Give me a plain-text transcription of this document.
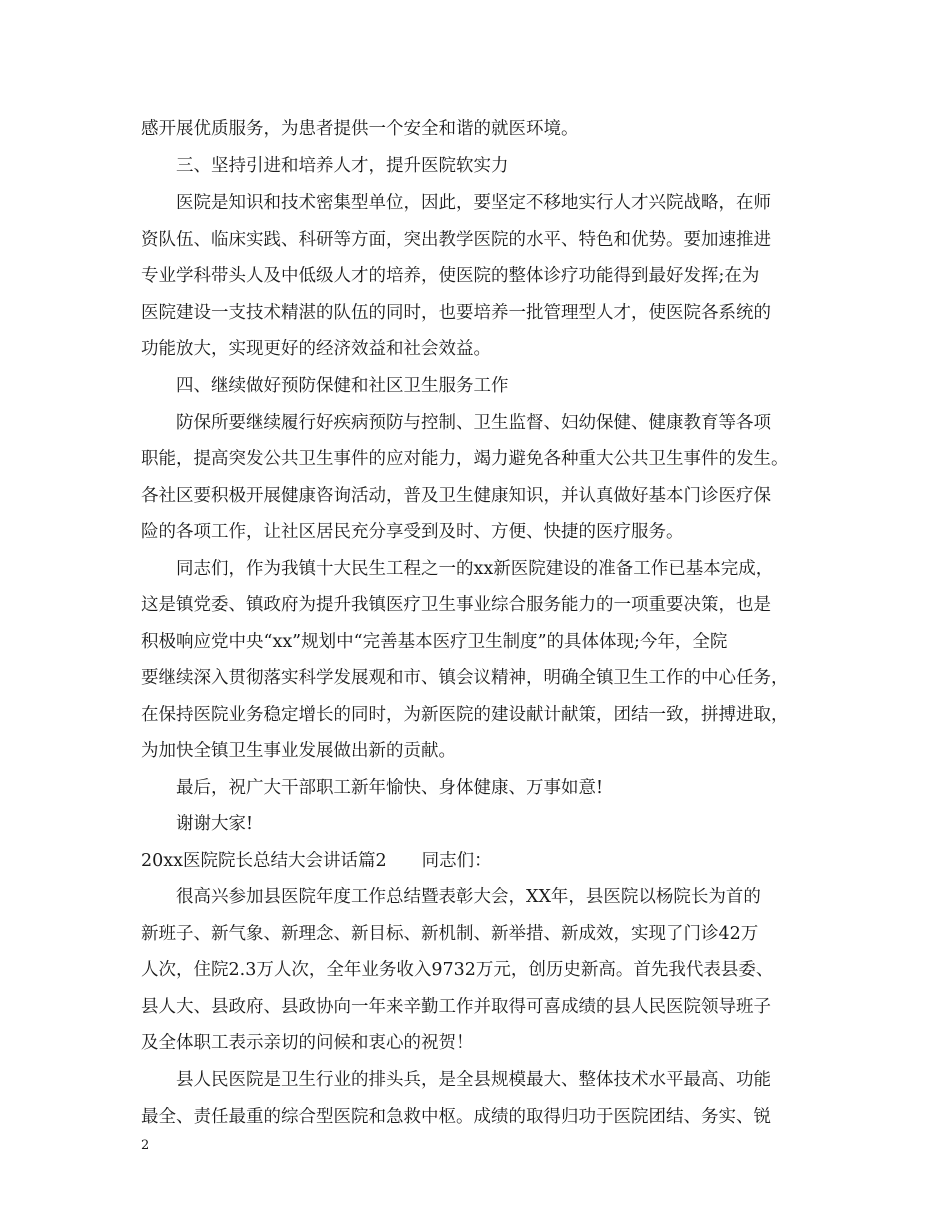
感开展优质服务，为患者提供一个安全和谐的就医环境。
三、坚持引进和培养人才，提升医院软实力
医院是知识和技术密集型单位，因此，要坚定不移地实行人才兴院战略，在师
资队伍、临床实践、科研等方面，突出教学医院的水平、特色和优势。要加速推进
专业学科带头人及中低级人才的培养，使医院的整体诊疗功能得到最好发挥;在为
医院建设一支技术精湛的队伍的同时，也要培养一批管理型人才，使医院各系统的
功能放大，实现更好的经济效益和社会效益。
四、继续做好预防保健和社区卫生服务工作
防保所要继续履行好疾病预防与控制、卫生监督、妇幼保健、健康教育等各项
职能，提高突发公共卫生事件的应对能力，竭力避免各种重大公共卫生事件的发生。
各社区要积极开展健康咨询活动，普及卫生健康知识，并认真做好基本门诊医疗保
险的各项工作，让社区居民充分享受到及时、方便、快捷的医疗服务。
同志们，作为我镇十大民生工程之一的xx新医院建设的准备工作已基本完成，
这是镇党委、镇政府为提升我镇医疗卫生事业综合服务能力的一项重要决策，也是
积极响应党中央“xx”规划中“完善基本医疗卫生制度”的具体体现;今年，全院
要继续深入贯彻落实科学发展观和市、镇会议精神，明确全镇卫生工作的中心任务，
在保持医院业务稳定增长的同时，为新医院的建设献计献策，团结一致，拼搏进取，
为加快全镇卫生事业发展做出新的贡献。
最后，祝广大干部职工新年愉快、身体健康、万事如意!
谢谢大家!
20xx医院院长总结大会讲话篇2　　同志们：
很高兴参加县医院年度工作总结暨表彰大会，XX年，县医院以杨院长为首的
新班子、新气象、新理念、新目标、新机制、新举措、新成效，实现了门诊42万
人次，住院2.3万人次，全年业务收入9732万元，创历史新高。首先我代表县委、
县人大、县政府、县政协向一年来辛勤工作并取得可喜成绩的县人民医院领导班子
及全体职工表示亲切的问候和衷心的祝贺！
县人民医院是卫生行业的排头兵，是全县规模最大、整体技术水平最高、功能
最全、责任最重的综合型医院和急救中枢。成绩的取得归功于医院团结、务实、锐
2
